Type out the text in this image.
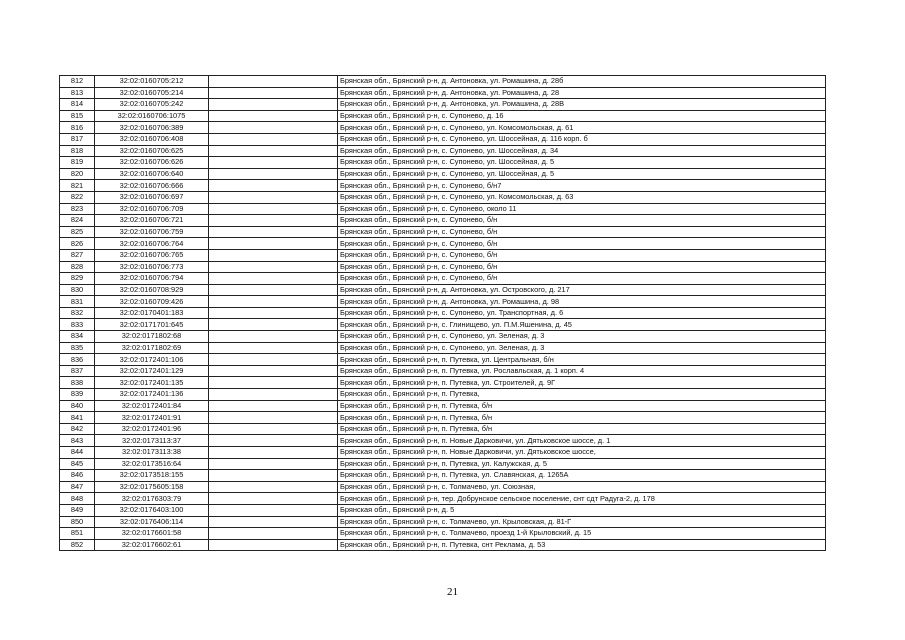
812	32:02:0160705:212		Брянская обл., Брянский р-н, д. Антоновка, ул. Ромашина, д. 28б
813	32:02:0160705:214		Брянская обл., Брянский р-н, д. Антоновка, ул. Ромашина, д. 28
814	32:02:0160705:242		Брянская обл., Брянский р-н, д. Антоновка, ул. Ромашина, д. 28В
815	32:02:0160706:1075		Брянская обл., Брянский р-н, с. Супонево, д. 16
816	32:02:0160706:389		Брянская обл., Брянский р-н, с. Супонево, ул. Комсомольская, д. 61
817	32:02:0160706:408		Брянская обл., Брянский р-н, с. Супонево, ул. Шоссейная, д. 116 корп. б
818	32:02:0160706:625		Брянская обл., Брянский р-н, с. Супонево, ул. Шоссейная, д. 34
819	32:02:0160706:626		Брянская обл., Брянский р-н, с. Супонево, ул. Шоссейная, д. 5
820	32:02:0160706:640		Брянская обл., Брянский р-н, с. Супонево, ул. Шоссейная, д. 5
821	32:02:0160706:666		Брянская обл., Брянский р-н, с. Супонево, б/н7
822	32:02:0160706:697		Брянская обл., Брянский р-н, с. Супонево, ул. Комсомольская, д. 63
823	32:02:0160706:709		Брянская обл., Брянский р-н, с. Супонево, около 11
824	32:02:0160706:721		Брянская обл., Брянский р-н, с. Супонево, б/н
825	32:02:0160706:759		Брянская обл., Брянский р-н, с. Супонево, б/н
826	32:02:0160706:764		Брянская обл., Брянский р-н, с. Супонево, б/н
827	32:02:0160706:765		Брянская обл., Брянский р-н, с. Супонево, б/н
828	32:02:0160706:773		Брянская обл., Брянский р-н, с. Супонево, б/н
829	32:02:0160706:794		Брянская обл., Брянский р-н, с. Супонево, б/н
830	32:02:0160708:929		Брянская обл., Брянский р-н, д. Антоновка, ул. Островского, д. 217
831	32:02:0160709:426		Брянская обл., Брянский р-н, д. Антоновка, ул. Ромашина, д. 98
832	32:02:0170401:183		Брянская обл., Брянский р-н, с. Супонево, ул. Транспортная, д. 6
833	32:02:0171701:645		Брянская обл., Брянский р-н, с. Глинищево, ул. П.М.Яшенина, д. 45
834	32:02:0171802:68		Брянская обл., Брянский р-н, с. Супонево, ул. Зеленая, д. 3
835	32:02:0171802:69		Брянская обл., Брянский р-н, с. Супонево, ул. Зеленая, д. 3
836	32:02:0172401:106		Брянская обл., Брянский р-н, п. Путевка, ул. Центральная, б/н
837	32:02:0172401:129		Брянская обл., Брянский р-н, п. Путевка, ул. Рославльская, д. 1 корп. 4
838	32:02:0172401:135		Брянская обл., Брянский р-н, п. Путевка, ул. Строителей, д. 9Г
839	32:02:0172401:136		Брянская обл., Брянский р-н, п. Путевка,
840	32:02:0172401:84		Брянская обл., Брянский р-н, п. Путевка, б/н
841	32:02:0172401:91		Брянская обл., Брянский р-н, п. Путевка, б/н
842	32:02:0172401:96		Брянская обл., Брянский р-н, п. Путевка, б/н
843	32:02:0173113:37		Брянская обл., Брянский р-н, п. Новые Дарковичи, ул. Дятьковское шоссе, д. 1
844	32:02:0173113:38		Брянская обл., Брянский р-н, п. Новые Дарковичи, ул. Дятьковское шоссе,
845	32:02:0173516:64		Брянская обл., Брянский р-н, п. Путевка, ул. Калужская, д. 5
846	32:02:0173518:155		Брянская обл., Брянский р-н, п. Путевка, ул. Славянская, д. 1265А
847	32:02:0175605:158		Брянская обл., Брянский р-н, с. Толмачево, ул. Союзная,
848	32:02:0176303:79		Брянская обл., Брянский р-н, тер. Добрунское сельское поселение, снт сдт Радуга-2, д. 178
849	32:02:0176403:100		Брянская обл., Брянский р-н, д. 5
850	32:02:0176406:114		Брянская обл., Брянский р-н, с. Толмачево, ул. Крыловская, д. 81-Г
851	32:02:0176601:58		Брянская обл., Брянский р-н, с. Толмачево, проезд 1-й Крыловский, д. 15
852	32:02:0176602:61		Брянская обл., Брянский р-н, п. Путевка, снт Реклама, д. 53
21
